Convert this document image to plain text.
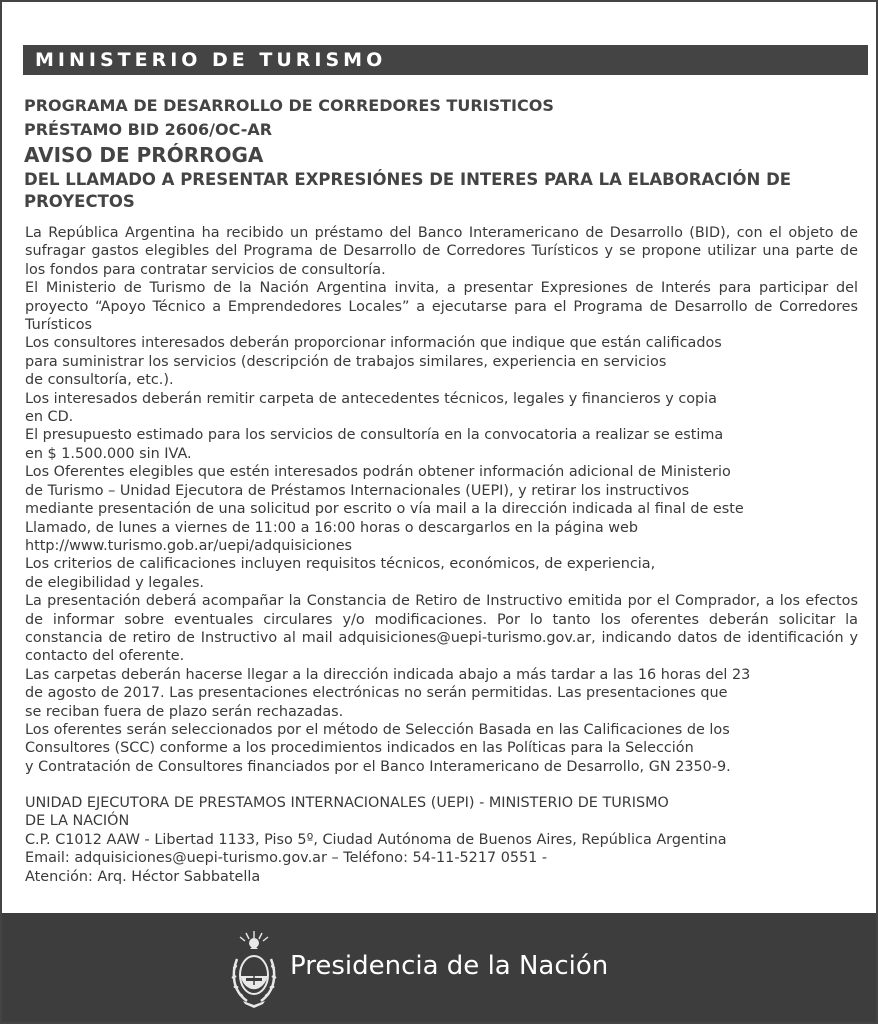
MINISTERIO DE TURISMO
PROGRAMA DE DESARROLLO DE CORREDORES TURISTICOS
PRÉSTAMO BID 2606/OC-AR
AVISO DE PRÓRROGA
DEL LLAMADO A PRESENTAR EXPRESIÓNES DE INTERES PARA LA ELABORACIÓN DE PROYECTOS

La República Argentina ha recibido un préstamo del Banco Interamericano de Desarrollo (BID), con el objeto de sufragar gastos elegibles del Programa de Desarrollo de Corredores Turísticos y se propone utilizar una parte de los fondos para contratar servicios de consultoría.

El Ministerio de Turismo de la Nación Argentina invita, a presentar Expresiones de Interés para participar del proyecto “Apoyo Técnico a Emprendedores Locales” a ejecutarse para el Programa de Desarrollo de Corredores Turísticos

Los consultores interesados deberán proporcionar información que indique que están calificados

para suministrar los servicios (descripción de trabajos similares, experiencia en servicios

de consultoría, etc.).

Los interesados deberán remitir carpeta de antecedentes técnicos, legales y financieros y copia

en CD.

El presupuesto estimado para los servicios de consultoría en la convocatoria a realizar se estima

en $ 1.500.000 sin IVA.

Los Oferentes elegibles que estén interesados podrán obtener información adicional de Ministerio

de Turismo – Unidad Ejecutora de Préstamos Internacionales (UEPI), y retirar los instructivos

mediante presentación de una solicitud por escrito o vía mail a la dirección indicada al final de este

Llamado, de lunes a viernes de 11:00 a 16:00 horas o descargarlos en la página web

http://www.turismo.gob.ar/uepi/adquisiciones

Los criterios de calificaciones incluyen requisitos técnicos, económicos, de experiencia,

de elegibilidad y legales.

La presentación deberá acompañar la Constancia de Retiro de Instructivo emitida por el Comprador, a los efectos de informar sobre eventuales circulares y/o modificaciones. Por lo tanto los oferentes deberán solicitar la constancia de retiro de Instructivo al mail adquisiciones@uepi-turismo.gov.ar, indicando datos de identificación y contacto del oferente.

Las carpetas deberán hacerse llegar a la dirección indicada abajo a más tardar a las 16 horas del 23

de agosto de 2017. Las presentaciones electrónicas no serán permitidas. Las presentaciones que

se reciban fuera de plazo serán rechazadas.

Los oferentes serán seleccionados por el método de Selección Basada en las Calificaciones de los

Consultores (SCC) conforme a los procedimientos indicados en las Políticas para la Selección

y Contratación de Consultores financiados por el Banco Interamericano de Desarrollo, GN 2350-9.

UNIDAD EJECUTORA DE PRESTAMOS INTERNACIONALES (UEPI) - MINISTERIO DE TURISMO

DE LA NACIÓN

C.P. C1012 AAW - Libertad 1133, Piso 5º, Ciudad Autónoma de Buenos Aires, República Argentina

Email: adquisiciones@uepi-turismo.gov.ar – Teléfono: 54-11-5217 0551 -

Atención: Arq. Héctor Sabbatella

Presidencia de la Nación
